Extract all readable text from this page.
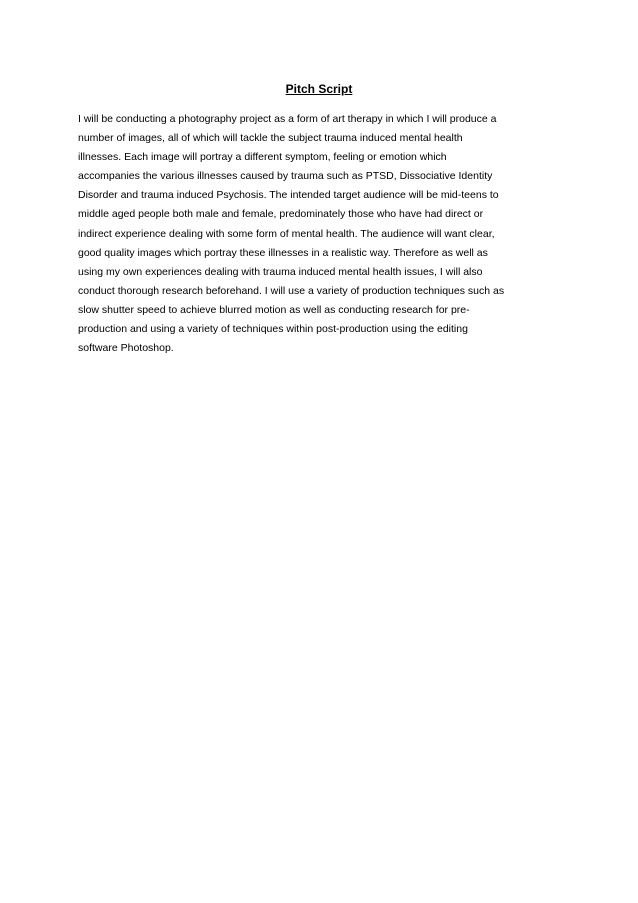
Pitch Script
I will be conducting a photography project as a form of art therapy in which I will produce a
number of images, all of which will tackle the subject trauma induced mental health
illnesses. Each image will portray a different symptom, feeling or emotion which
accompanies the various illnesses caused by trauma such as PTSD, Dissociative Identity
Disorder and trauma induced Psychosis. The intended target audience will be mid-teens to
middle aged people both male and female, predominately those who have had direct or
indirect experience dealing with some form of mental health. The audience will want clear,
good quality images which portray these illnesses in a realistic way. Therefore as well as
using my own experiences dealing with trauma induced mental health issues, I will also
conduct thorough research beforehand. I will use a variety of production techniques such as
slow shutter speed to achieve blurred motion as well as conducting research for pre-
production and using a variety of techniques within post-production using the editing
software Photoshop.
